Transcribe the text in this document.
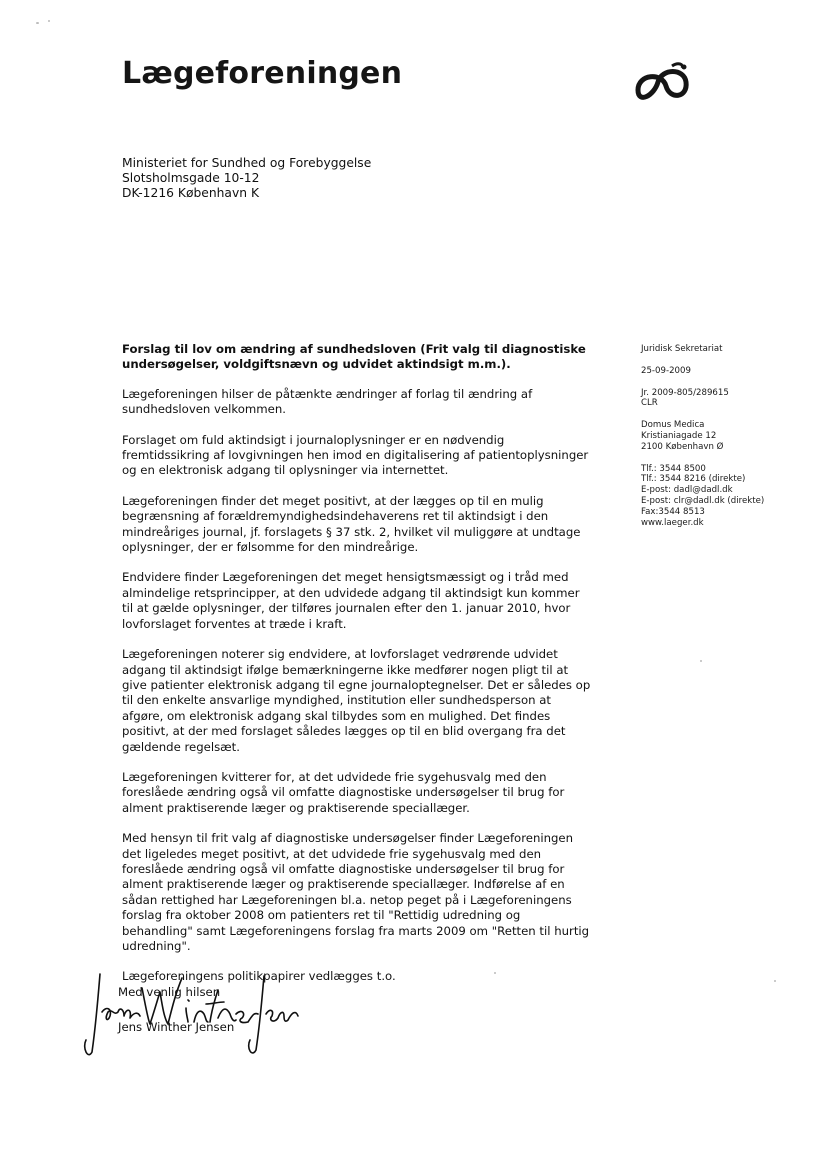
Lægeforeningen
Ministeriet for Sundhed og Forebyggelse
Slotsholmsgade 10-12
DK-1216 København K

Forslag til lov om ændring af sundhedsloven (Frit valg til diagnostiske undersøgelser, voldgiftsnævn og udvidet aktindsigt m.m.).

Lægeforeningen hilser de påtænkte ændringer af forlag til ændring af sundhedsloven velkommen.

Forslaget om fuld aktindsigt i journaloplysninger er en nødvendig fremtidssikring af lovgivningen hen imod en digitalisering af patientoplysninger og en elektronisk adgang til oplysninger via internettet.

Lægeforeningen finder det meget positivt, at der lægges op til en mulig begrænsning af forældremyndighedsindehaverens ret til aktindsigt i den mindreåriges journal, jf. forslagets § 37 stk. 2, hvilket vil muliggøre at undtage oplysninger, der er følsomme for den mindreårige.

Endvidere finder Lægeforeningen det meget hensigtsmæssigt og i tråd med almindelige retsprincipper, at den udvidede adgang til aktindsigt kun kommer til at gælde oplysninger, der tilføres journalen efter den 1. januar 2010, hvor lovforslaget forventes at træde i kraft.

Lægeforeningen noterer sig endvidere, at lovforslaget vedrørende udvidet adgang til aktindsigt ifølge bemærkningerne ikke medfører nogen pligt til at give patienter elektronisk adgang til egne journaloptegnelser. Det er således op til den enkelte ansvarlige myndighed, institution eller sundhedsperson at afgøre, om elektronisk adgang skal tilbydes som en mulighed. Det findes positivt, at der med forslaget således lægges op til en blid overgang fra det gældende regelsæt.

Lægeforeningen kvitterer for, at det udvidede frie sygehusvalg med den foreslåede ændring også vil omfatte diagnostiske undersøgelser til brug for alment praktiserende læger og praktiserende speciallæger.

Med hensyn til frit valg af diagnostiske undersøgelser finder Lægeforeningen det ligeledes meget positivt, at det udvidede frie sygehusvalg med den foreslåede ændring også vil omfatte diagnostiske undersøgelser til brug for alment praktiserende læger og praktiserende speciallæger. Indførelse af en sådan rettighed har Lægeforeningen bl.a. netop peget på i Lægeforeningens forslag fra oktober 2008 om patienters ret til "Rettidig udredning og behandling" samt Lægeforeningens forslag fra marts 2009 om "Retten til hurtig udredning".

Lægeforeningens politikpapirer vedlægges t.o.

Juridisk Sekretariat
25-09-2009
Jr. 2009-805/289615
CLR
Domus Medica
Kristianiagade 12
2100 København Ø
Tlf.: 3544 8500
Tlf.: 3544 8216 (direkte)
E-post: dadl@dadl.dk
E-post: clr@dadl.dk (direkte)
Fax:3544 8513
www.laeger.dk
Med venlig hilsen
Jens Winther Jensen
